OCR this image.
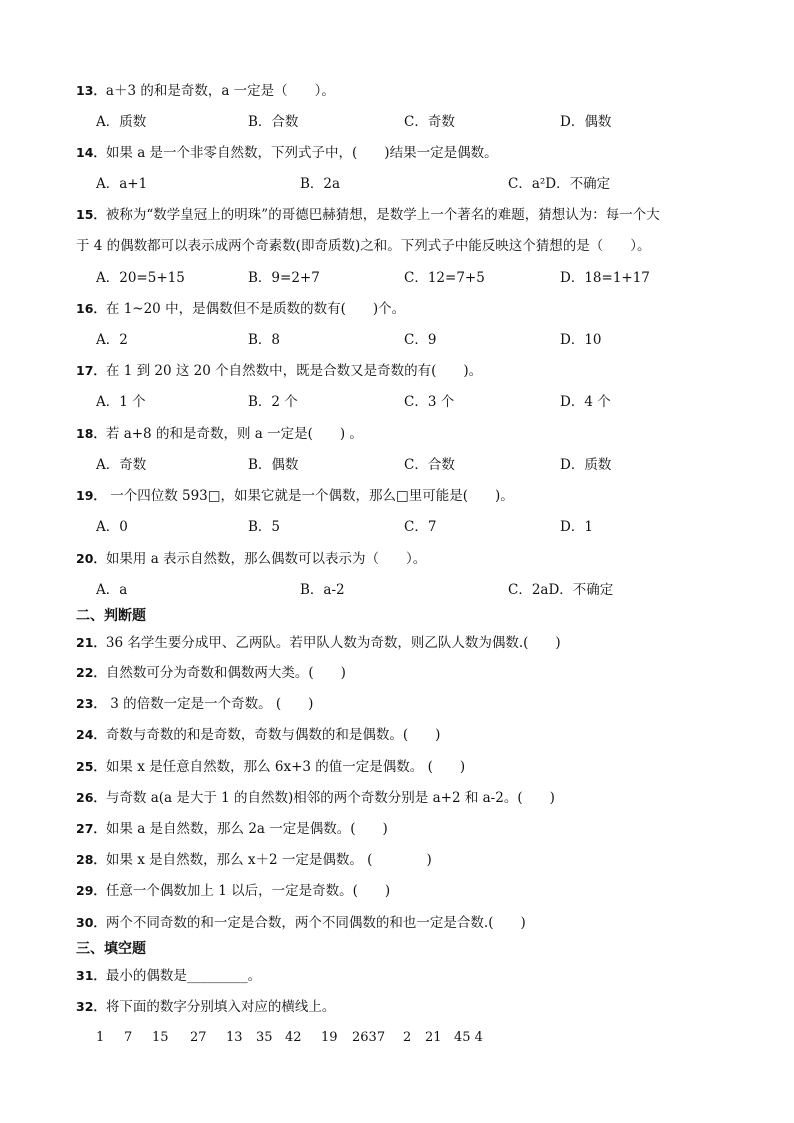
13．a＋3 的和是奇数，a 一定是（　　）。
A．质数	B．合数	C．奇数	D．偶数
14．如果 a 是一个非零自然数，下列式子中，(　　)结果一定是偶数。
A．a+1	B．2a	C．a²D．不确定
15．被称为“数学皇冠上的明珠”的哥德巴赫猜想，是数学上一个著名的难题，猜想认为：每一个大
于 4 的偶数都可以表示成两个奇素数(即奇质数)之和。下列式子中能反映这个猜想的是（　　）。
A．20=5+15	B．9=2+7	C．12=7+5	D．18=1+17
16．在 1~20 中，是偶数但不是质数的数有(　　)个。
A．2	B．8	C．9	D．10
17．在 1 到 20 这 20 个自然数中，既是合数又是奇数的有(　　)。
A．1 个	B．2 个	C．3 个	D．4 个
18．若 a+8 的和是奇数，则 a 一定是(　　) 。
A．奇数	B．偶数	C．合数	D．质数
19． 一个四位数 593□，如果它就是一个偶数，那么□里可能是(　　)。
A．0	B．5	C．7	D．1
20．如果用 a 表示自然数，那么偶数可以表示为（　　）。
A．a	B．a-2	C．2aD．不确定
二、判断题
21．36 名学生要分成甲、乙两队。若甲队人数为奇数，则乙队人数为偶数.(　　)
22．自然数可分为奇数和偶数两大类。(　　)
23． 3 的倍数一定是一个奇数。 (　　)
24．奇数与奇数的和是奇数，奇数与偶数的和是偶数。(　　)
25．如果 x 是任意自然数，那么 6x+3 的值一定是偶数。 (　　)
26．与奇数 a(a 是大于 1 的自然数)相邻的两个奇数分别是 a+2 和 a-2。(　　)
27．如果 a 是自然数，那么 2a 一定是偶数。(　　)
28．如果 x 是自然数，那么 x＋2 一定是偶数。 (　　　　)
29．任意一个偶数加上 1 以后，一定是奇数。(　　)
30．两个不同奇数的和一定是合数，两个不同偶数的和也一定是合数.(　　)
三、填空题
31．最小的偶数是_________。
32．将下面的数字分别填入对应的横线上。
1 7 15 27 13 35 42 19 2637 2 21 45 4
